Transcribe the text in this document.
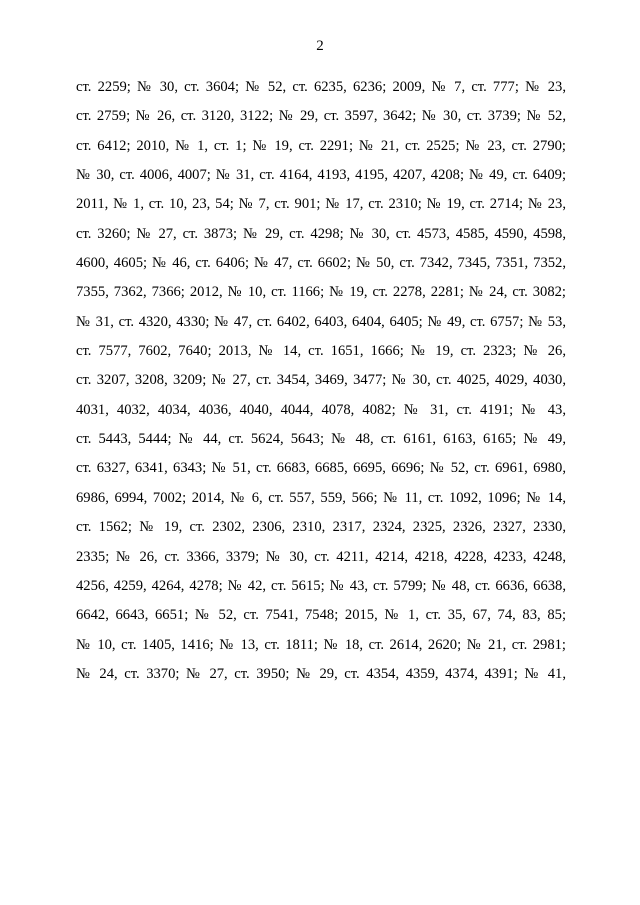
2
ст. 2259; № 30, ст. 3604; № 52, ст. 6235, 6236; 2009, № 7, ст. 777; № 23,
ст. 2759; № 26, ст. 3120, 3122; № 29, ст. 3597, 3642; № 30, ст. 3739; № 52,
ст. 6412; 2010, № 1, ст. 1; № 19, ст. 2291; № 21, ст. 2525; № 23, ст. 2790;
№ 30, ст. 4006, 4007; № 31, ст. 4164, 4193, 4195, 4207, 4208; № 49, ст. 6409;
2011, № 1, ст. 10, 23, 54; № 7, ст. 901; № 17, ст. 2310; № 19, ст. 2714; № 23,
ст. 3260; № 27, ст. 3873; № 29, ст. 4298; № 30, ст. 4573, 4585, 4590, 4598,
4600, 4605; № 46, ст. 6406; № 47, ст. 6602; № 50, ст. 7342, 7345, 7351, 7352,
7355, 7362, 7366; 2012, № 10, ст. 1166; № 19, ст. 2278, 2281; № 24, ст. 3082;
№ 31, ст. 4320, 4330; № 47, ст. 6402, 6403, 6404, 6405; № 49, ст. 6757; № 53,
ст. 7577, 7602, 7640; 2013, № 14, ст. 1651, 1666; № 19, ст. 2323; № 26,
ст. 3207, 3208, 3209; № 27, ст. 3454, 3469, 3477; № 30, ст. 4025, 4029, 4030,
4031, 4032, 4034, 4036, 4040, 4044, 4078, 4082; № 31, ст. 4191; № 43,
ст. 5443, 5444; № 44, ст. 5624, 5643; № 48, ст. 6161, 6163, 6165; № 49,
ст. 6327, 6341, 6343; № 51, ст. 6683, 6685, 6695, 6696; № 52, ст. 6961, 6980,
6986, 6994, 7002; 2014, № 6, ст. 557, 559, 566; № 11, ст. 1092, 1096; № 14,
ст. 1562; № 19, ст. 2302, 2306, 2310, 2317, 2324, 2325, 2326, 2327, 2330,
2335; № 26, ст. 3366, 3379; № 30, ст. 4211, 4214, 4218, 4228, 4233, 4248,
4256, 4259, 4264, 4278; № 42, ст. 5615; № 43, ст. 5799; № 48, ст. 6636, 6638,
6642, 6643, 6651; № 52, ст. 7541, 7548; 2015, № 1, ст. 35, 67, 74, 83, 85;
№ 10, ст. 1405, 1416; № 13, ст. 1811; № 18, ст. 2614, 2620; № 21, ст. 2981;
№ 24, ст. 3370; № 27, ст. 3950; № 29, ст. 4354, 4359, 4374, 4391; № 41,
